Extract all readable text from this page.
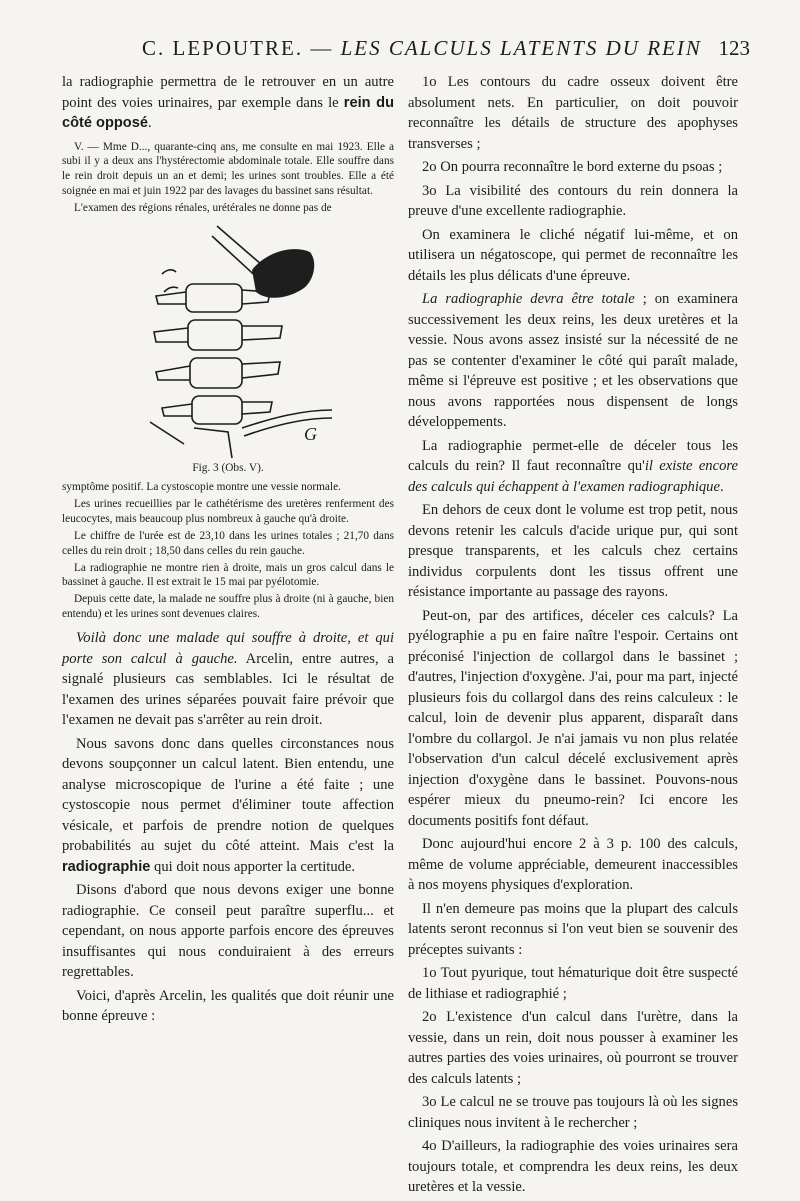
C. LEPOUTRE. — LES CALCULS LATENTS DU REIN 123

la radiographie permettra de le retrouver en un autre point des voies urinaires, par exemple dans le rein du côté opposé.

V. — Mme D..., quarante-cinq ans, me consulte en mai 1923. Elle a subi il y a deux ans l'hystérectomie abdominale totale. Elle souffre dans le rein droit depuis un an et demi; les urines sont troubles. Elle a été soignée en mai et juin 1922 par des lavages du bassinet sans résultat.

L'examen des régions rénales, urétérales ne donne pas de

G

Fig. 3 (Obs. V).

symptôme positif. La cystoscopie montre une vessie normale.

Les urines recueillies par le cathétérisme des uretères renferment des leucocytes, mais beaucoup plus nombreux à gauche qu'à droite.

Le chiffre de l'urée est de 23,10 dans les urines totales ; 21,70 dans celles du rein droit ; 18,50 dans celles du rein gauche.

La radiographie ne montre rien à droite, mais un gros calcul dans le bassinet à gauche. Il est extrait le 15 mai par pyélotomie.

Depuis cette date, la malade ne souffre plus à droite (ni à gauche, bien entendu) et les urines sont devenues claires.

Voilà donc une malade qui souffre à droite, et qui porte son calcul à gauche. Arcelin, entre autres, a signalé plusieurs cas semblables. Ici le résultat de l'examen des urines séparées pouvait faire prévoir que l'examen ne devait pas s'arrêter au rein droit.

Nous savons donc dans quelles circonstances nous devons soupçonner un calcul latent. Bien entendu, une analyse microscopique de l'urine a été faite ; une cystoscopie nous permet d'éliminer toute affection vésicale, et parfois de prendre notion de quelques probabilités au sujet du côté atteint. Mais c'est la radiographie qui doit nous apporter la certitude.

Disons d'abord que nous devons exiger une bonne radiographie. Ce conseil peut paraître superflu... et cependant, on nous apporte parfois encore des épreuves insuffisantes qui nous conduiraient à des erreurs regrettables.

Voici, d'après Arcelin, les qualités que doit réunir une bonne épreuve :

1o Les contours du cadre osseux doivent être absolument nets. En particulier, on doit pouvoir reconnaître les détails de structure des apophyses transverses ;

2o On pourra reconnaître le bord externe du psoas ;

3o La visibilité des contours du rein donnera la preuve d'une excellente radiographie.

On examinera le cliché négatif lui-même, et on utilisera un négatoscope, qui permet de reconnaître les détails les plus délicats d'une épreuve.

La radiographie devra être totale ; on examinera successivement les deux reins, les deux uretères et la vessie. Nous avons assez insisté sur la nécessité de ne pas se contenter d'examiner le côté qui paraît malade, même si l'épreuve est positive ; et les observations que nous avons rapportées nous dispensent de longs développements.

La radiographie permet-elle de déceler tous les calculs du rein? Il faut reconnaître qu'il existe encore des calculs qui échappent à l'examen radiographique.

En dehors de ceux dont le volume est trop petit, nous devons retenir les calculs d'acide urique pur, qui sont presque transparents, et les calculs chez certains individus corpulents dont les tissus offrent une résistance importante au passage des rayons.

Peut-on, par des artifices, déceler ces calculs? La pyélographie a pu en faire naître l'espoir. Certains ont préconisé l'injection de collargol dans le bassinet ; d'autres, l'injection d'oxygène. J'ai, pour ma part, injecté plusieurs fois du collargol dans des reins calculeux : le calcul, loin de devenir plus apparent, disparaît dans l'ombre du collargol. Je n'ai jamais vu non plus relatée l'observation d'un calcul décelé exclusivement après injection d'oxygène dans le bassinet. Pouvons-nous espérer mieux du pneumo-rein? Ici encore les documents positifs font défaut.

Donc aujourd'hui encore 2 à 3 p. 100 des calculs, même de volume appréciable, demeurent inaccessibles à nos moyens physiques d'exploration.

Il n'en demeure pas moins que la plupart des calculs latents seront reconnus si l'on veut bien se souvenir des préceptes suivants :

1o Tout pyurique, tout hématurique doit être suspecté de lithiase et radiographié ;

2o L'existence d'un calcul dans l'urètre, dans la vessie, dans un rein, doit nous pousser à examiner les autres parties des voies urinaires, où pourront se trouver des calculs latents ;

3o Le calcul ne se trouve pas toujours là où les signes cliniques nous invitent à le rechercher ;

4o D'ailleurs, la radiographie des voies urinaires sera toujours totale, et comprendra les deux reins, les deux uretères et la vessie.
